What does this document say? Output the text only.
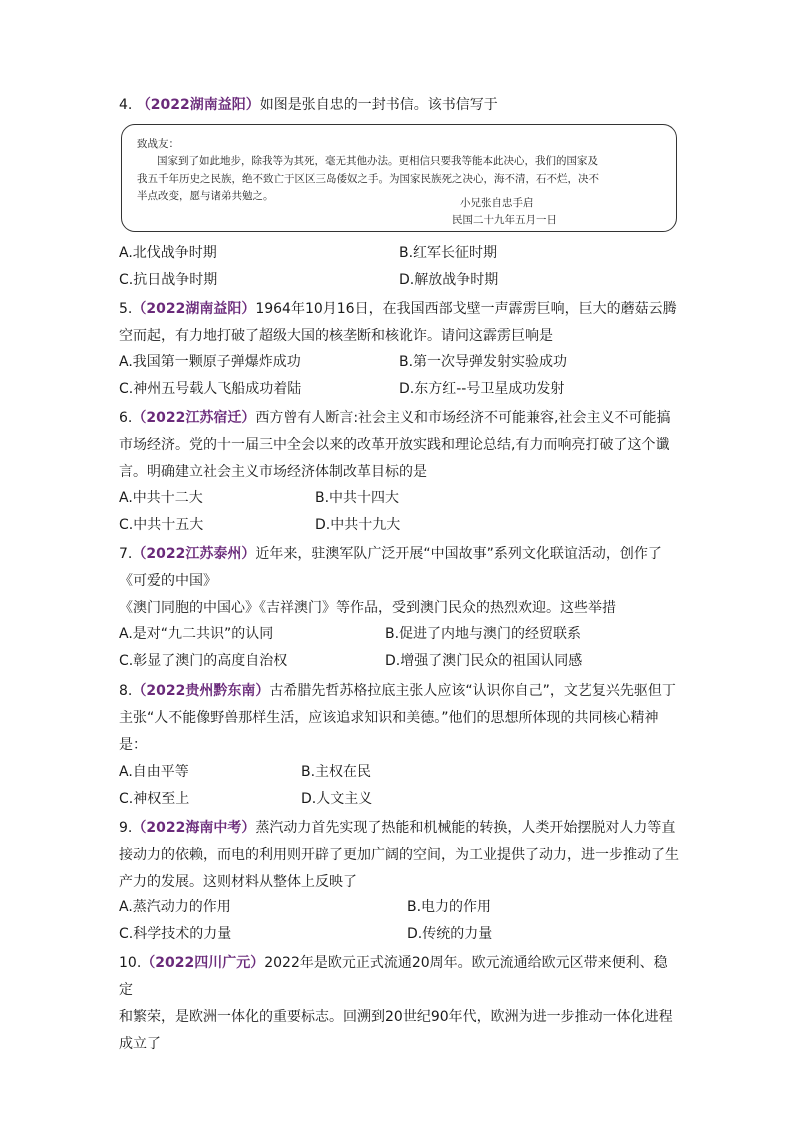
4. （2022湖南益阳）如图是张自忠的一封书信。该书信写于
致战友：
国家到了如此地步，除我等为其死，毫无其他办法。更相信只要我等能本此决心，我们的国家及
我五千年历史之民族，绝不致亡于区区三岛倭奴之手。为国家民族死之决心，海不清，石不烂，决不
半点改变，愿与诸弟共勉之。
小兄张自忠手启
民国二十九年五月一日
A.北伐战争时期	B.红军长征时期
C.抗日战争时期	D.解放战争时期
5.（2022湖南益阳）1964年10月16日，在我国西部戈壁一声霹雳巨响，巨大的蘑菇云腾
空而起，有力地打破了超级大国的核垄断和核讹诈。请问这霹雳巨响是
A.我国第一颗原子弹爆炸成功	B.第一次导弹发射实验成功
C.神州五号载人飞船成功着陆	D.东方红--号卫星成功发射
6.（2022江苏宿迁）西方曾有人断言:社会主义和市场经济不可能兼容,社会主义不可能搞
市场经济。党的十一届三中全会以来的改革开放实践和理论总结,有力而响亮打破了这个谶
言。明确建立社会主义市场经济体制改革目标的是
A.中共十二大	B.中共十四大
C.中共十五大	D.中共十九大
7.（2022江苏泰州）近年来，驻澳军队广泛开展“中国故事”系列文化联谊活动，创作了
《可爱的中国》
《澳门同胞的中国心》《吉祥澳门》等作品，受到澳门民众的热烈欢迎。这些举措
A.是对“九二共识”的认同	B.促进了内地与澳门的经贸联系
C.彰显了澳门的高度自治权	D.增强了澳门民众的祖国认同感
8.（2022贵州黔东南）古希腊先哲苏格拉底主张人应该“认识你自己”，文艺复兴先驱但丁
主张“人不能像野兽那样生活，应该追求知识和美德。”他们的思想所体现的共同核心精神
是：
A.自由平等	B.主权在民
C.神权至上	D.人文主义
9.（2022海南中考）蒸汽动力首先实现了热能和机械能的转换，人类开始摆脱对人力等直
接动力的依赖，而电的利用则开辟了更加广阔的空间，为工业提供了动力，进一步推动了生
产力的发展。这则材料从整体上反映了
A.蒸汽动力的作用	B.电力的作用
C.科学技术的力量	D.传统的力量
10.（2022四川广元）2022年是欧元正式流通20周年。欧元流通给欧元区带来便利、稳定
和繁荣，是欧洲一体化的重要标志。回溯到20世纪90年代，欧洲为进一步推动一体化进程
成立了
